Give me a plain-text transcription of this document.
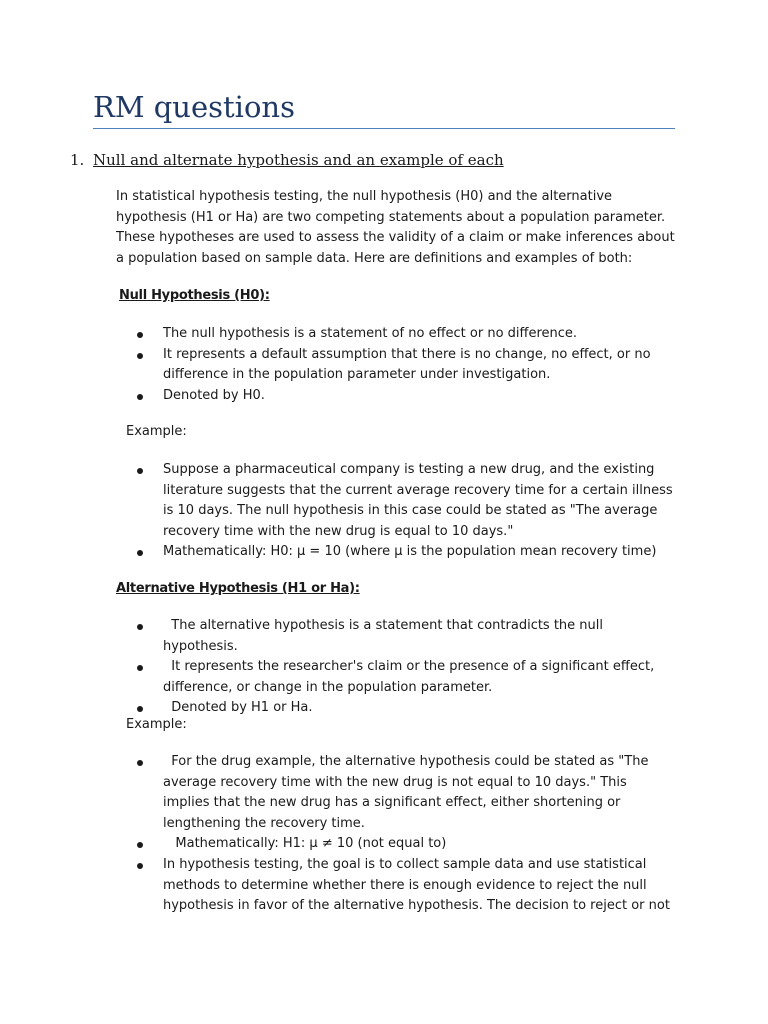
RM questions
1. Null and alternate hypothesis and an example of each

In statistical hypothesis testing, the null hypothesis (H0) and the alternative hypothesis (H1 or Ha) are two competing statements about a population parameter. These hypotheses are used to assess the validity of a claim or make inferences about a population based on sample data. Here are definitions and examples of both:

Null Hypothesis (H0):
The null hypothesis is a statement of no effect or no difference.
It represents a default assumption that there is no change, no effect, or no difference in the population parameter under investigation.
Denoted by H0.
Example:
Suppose a pharmaceutical company is testing a new drug, and the existing literature suggests that the current average recovery time for a certain illness is 10 days. The null hypothesis in this case could be stated as "The average recovery time with the new drug is equal to 10 days."
Mathematically: H0: μ = 10 (where μ is the population mean recovery time)
Alternative Hypothesis (H1 or Ha):
The alternative hypothesis is a statement that contradicts the null hypothesis.
It represents the researcher's claim or the presence of a significant effect, difference, or change in the population parameter.
Denoted by H1 or Ha.
Example:
For the drug example, the alternative hypothesis could be stated as "The average recovery time with the new drug is not equal to 10 days." This implies that the new drug has a significant effect, either shortening or lengthening the recovery time.
Mathematically: H1: μ ≠ 10 (not equal to)
In hypothesis testing, the goal is to collect sample data and use statistical methods to determine whether there is enough evidence to reject the null hypothesis in favor of the alternative hypothesis. The decision to reject or not
